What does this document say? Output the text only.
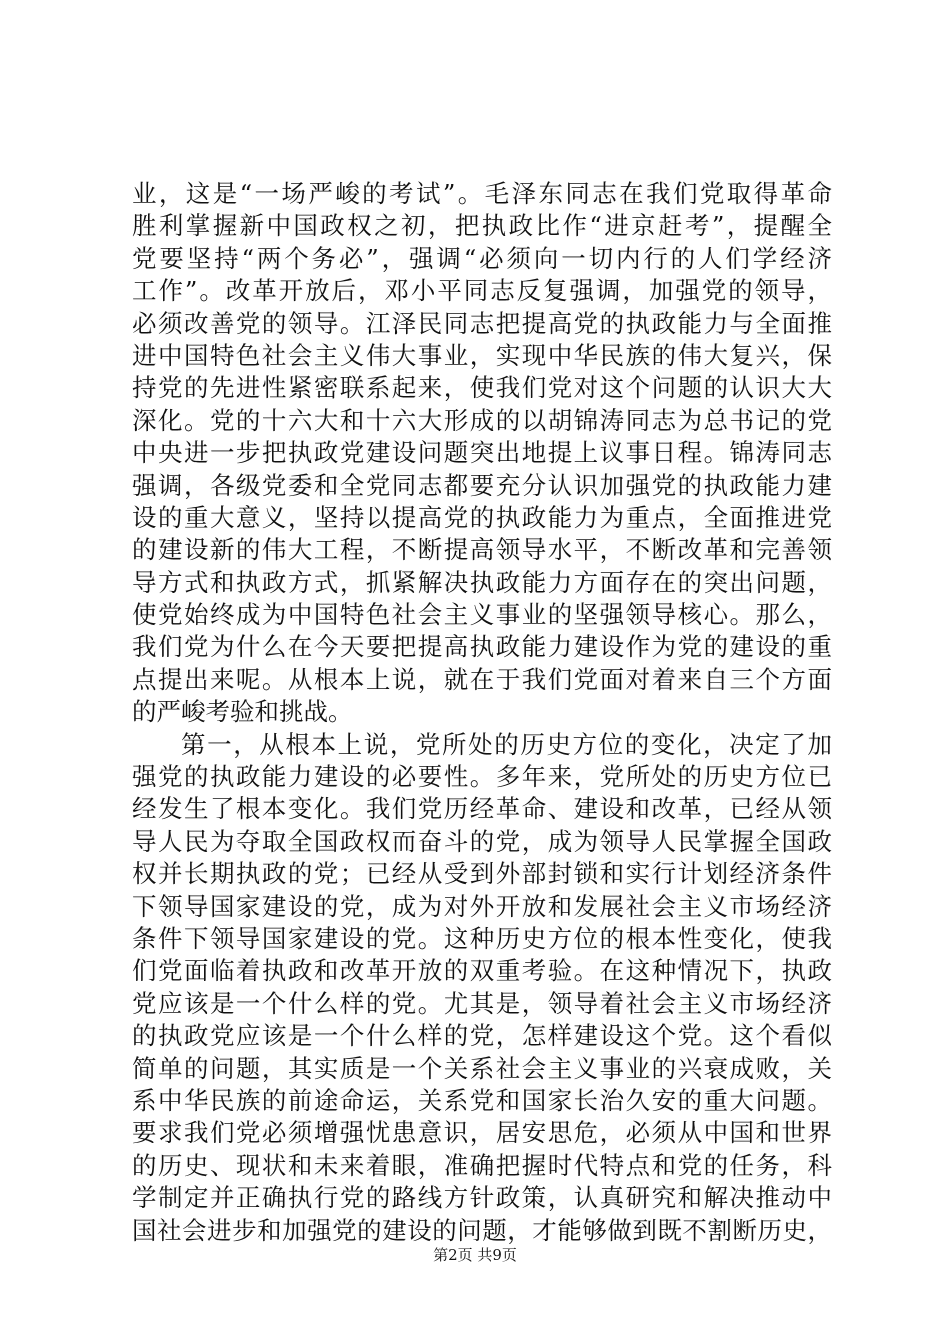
业，这是“一场严峻的考试”。毛泽东同志在我们党取得革命
胜利掌握新中国政权之初，把执政比作“进京赶考”，提醒全
党要坚持“两个务必”，强调“必须向一切内行的人们学经济
工作”。改革开放后，邓小平同志反复强调，加强党的领导，
必须改善党的领导。江泽民同志把提高党的执政能力与全面推
进中国特色社会主义伟大事业，实现中华民族的伟大复兴，保
持党的先进性紧密联系起来，使我们党对这个问题的认识大大
深化。党的十六大和十六大形成的以胡锦涛同志为总书记的党
中央进一步把执政党建设问题突出地提上议事日程。锦涛同志
强调，各级党委和全党同志都要充分认识加强党的执政能力建
设的重大意义，坚持以提高党的执政能力为重点，全面推进党
的建设新的伟大工程，不断提高领导水平，不断改革和完善领
导方式和执政方式，抓紧解决执政能力方面存在的突出问题，
使党始终成为中国特色社会主义事业的坚强领导核心。那么，
我们党为什么在今天要把提高执政能力建设作为党的建设的重
点提出来呢。从根本上说，就在于我们党面对着来自三个方面
的严峻考验和挑战。
第一，从根本上说，党所处的历史方位的变化，决定了加
强党的执政能力建设的必要性。多年来，党所处的历史方位已
经发生了根本变化。我们党历经革命、建设和改革，已经从领
导人民为夺取全国政权而奋斗的党，成为领导人民掌握全国政
权并长期执政的党；已经从受到外部封锁和实行计划经济条件
下领导国家建设的党，成为对外开放和发展社会主义市场经济
条件下领导国家建设的党。这种历史方位的根本性变化，使我
们党面临着执政和改革开放的双重考验。在这种情况下，执政
党应该是一个什么样的党。尤其是，领导着社会主义市场经济
的执政党应该是一个什么样的党，怎样建设这个党。这个看似
简单的问题，其实质是一个关系社会主义事业的兴衰成败，关
系中华民族的前途命运，关系党和国家长治久安的重大问题。
要求我们党必须增强忧患意识，居安思危，必须从中国和世界
的历史、现状和未来着眼，准确把握时代特点和党的任务，科
学制定并正确执行党的路线方针政策，认真研究和解决推动中
国社会进步和加强党的建设的问题，才能够做到既不割断历史，
第2页 共9页
